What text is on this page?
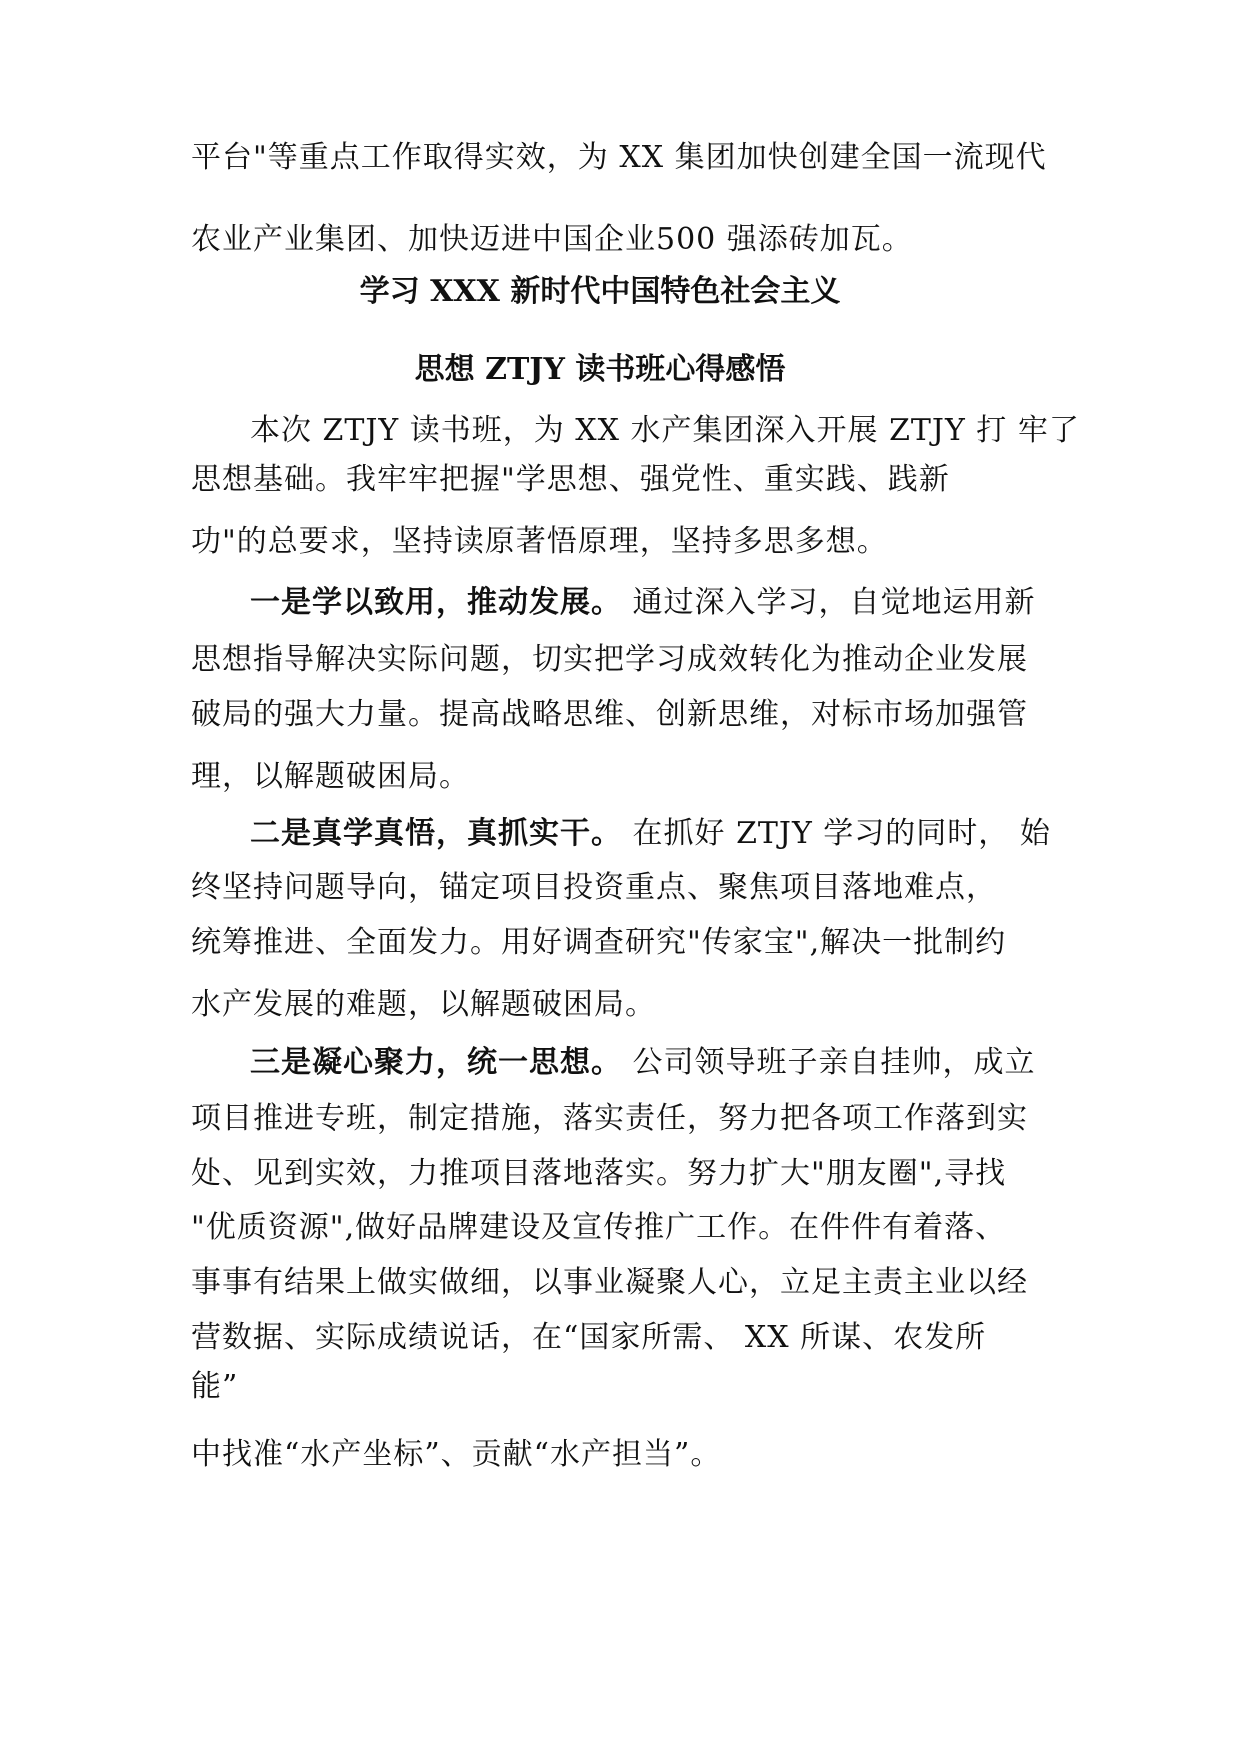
平台"等重点工作取得实效，为 XX 集团加快创建全国一流现代
农业产业集团、加快迈进中国企业500 强添砖加瓦。
学习 XXX 新时代中国特色社会主义
思想 ZTJY 读书班心得感悟
本次 ZTJY 读书班，为 XX 水产集团深入开展 ZTJY 打 牢了
思想基础。我牢牢把握"学思想、强党性、重实践、践新
功"的总要求，坚持读原著悟原理，坚持多思多想。
一是学以致用，推动发展。 通过深入学习，自觉地运用新
思想指导解决实际问题，切实把学习成效转化为推动企业发展
破局的强大力量。提高战略思维、创新思维，对标市场加强管
理，以解题破困局。
二是真学真悟，真抓实干。 在抓好 ZTJY 学习的同时， 始
终坚持问题导向，锚定项目投资重点、聚焦项目落地难点，
统筹推进、全面发力。用好调查研究"传家宝",解决一批制约
水产发展的难题，以解题破困局。
三是凝心聚力，统一思想。 公司领导班子亲自挂帅，成立
项目推进专班，制定措施，落实责任，努力把各项工作落到实
处、见到实效，力推项目落地落实。努力扩大"朋友圈",寻找
"优质资源",做好品牌建设及宣传推广工作。在件件有着落、
事事有结果上做实做细，以事业凝聚人心，立足主责主业以经
营数据、实际成绩说话，在“国家所需、 XX 所谋、农发所
能”
中找准“水产坐标”、贡献“水产担当”。
